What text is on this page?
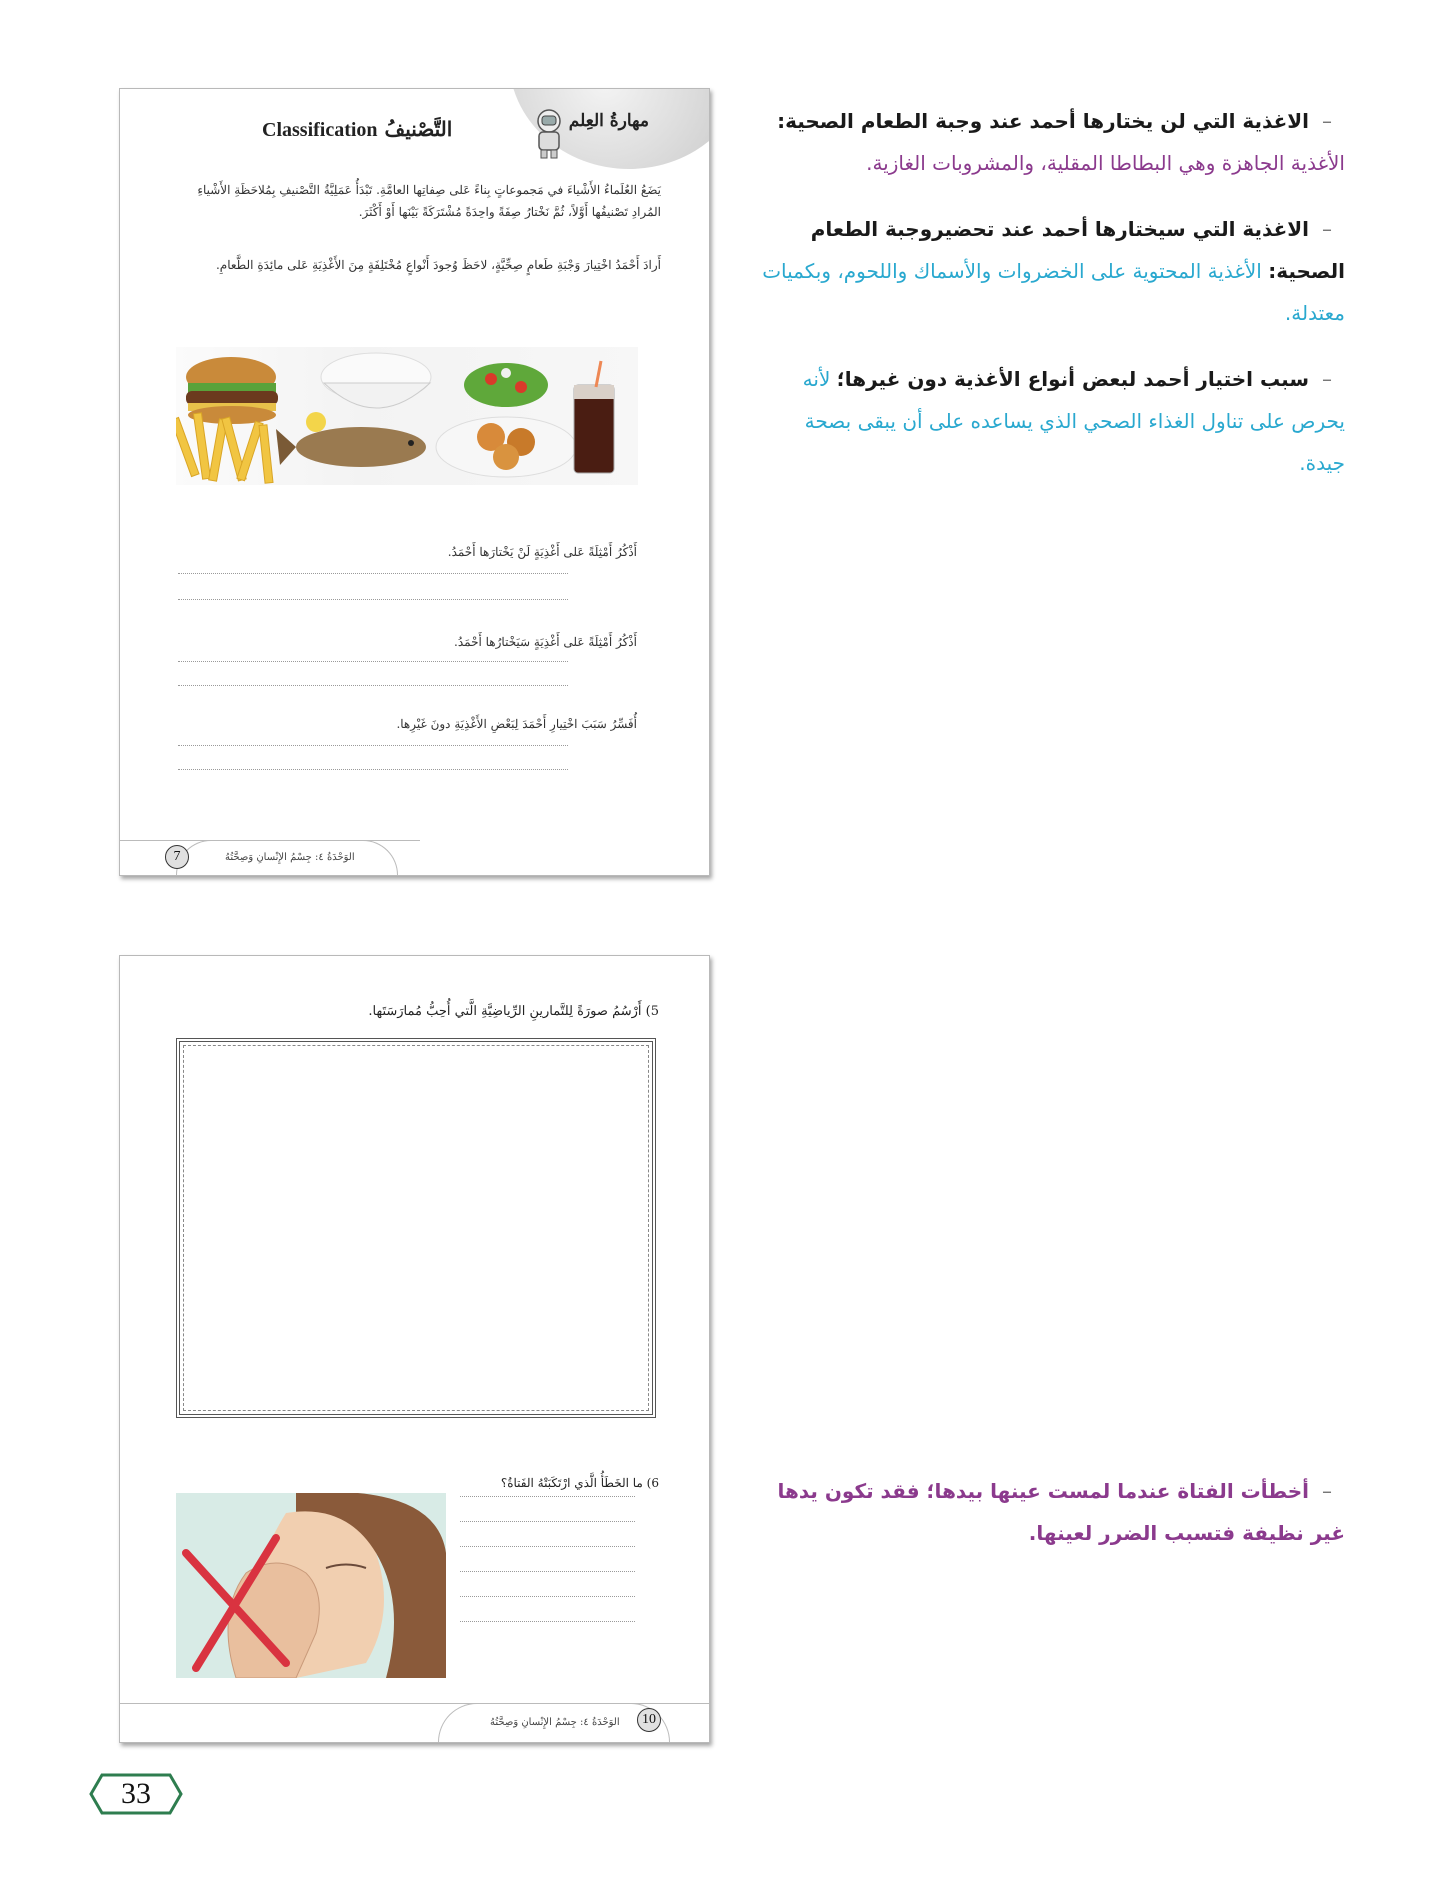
مهارةُ العِلم
التَّصْنيفُ Classification
يَضَعُ العُلَماءُ الأَشْياءَ في مَجموعاتٍ بِناءً عَلى صِفاتِها العامَّةِ. تَبْدَأُ عَمَلِيَّةُ التَّصْنيفِ بِمُلاحَظَةِ الأَشْياءِ المُرادِ تَصْنيفُها أَوَّلاً، ثُمَّ نَخْتارُ صِفَةً واحِدَةً مُشْتَرَكَةً بَيْنَها أَوْ أَكْثَرَ.
أَرادَ أَحْمَدُ اخْتِيارَ وَجْبَةِ طَعامٍ صِحِّيَّةٍ، لاحَظَ وُجودَ أَنْواعٍ مُخْتَلِفَةٍ مِنَ الأَغْذِيَةِ عَلى مائِدَةِ الطَّعامِ.
أَذْكُرُ أَمْثِلَةً عَلى أَغْذِيَةٍ لَنْ يَخْتارَها أَحْمَدُ.
أَذْكُرُ أَمْثِلَةً عَلى أَغْذِيَةٍ سَيَخْتارُها أَحْمَدُ.
أُفَسِّرُ سَبَبَ اخْتِيارِ أَحْمَدَ لِبَعْضِ الأَغْذِيَةِ دونَ غَيْرِها.
7	الوَحْدَةُ ٤: جِسْمُ الإِنْسانِ وَصِحَّتُهُ
5) أَرْسُمُ صورَةً لِلتَّمارينِ الرِّياضِيَّةِ الَّتي أُحِبُّ مُمارَسَتَها.
6) ما الخَطَأُ الَّذي ارْتَكَبَتْهُ الفَتاةُ؟
10
الوَحْدَةُ ٤: جِسْمُ الإِنْسانِ وَصِحَّتُهُ
–الاغذية التي لن يختارها أحمد عند وجبة الطعام الصحية: الأغذية الجاهزة وهي البطاطا المقلية، والمشروبات الغازية.
–الاغذية التي سيختارها أحمد عند تحضيروجبة الطعام الصحية: الأغذية المحتوية على الخضروات والأسماك واللحوم، وبكميات معتدلة.
–سبب اختيار أحمد لبعض أنواع الأغذية دون غيرها؛ لأنه يحرص على تناول الغذاء الصحي الذي يساعده على أن يبقى بصحة جيدة.
–أخطأت الفتاة عندما لمست عينها بيدها؛ فقد تكون يدها غير نظيفة فتسبب الضرر لعينها.
33
